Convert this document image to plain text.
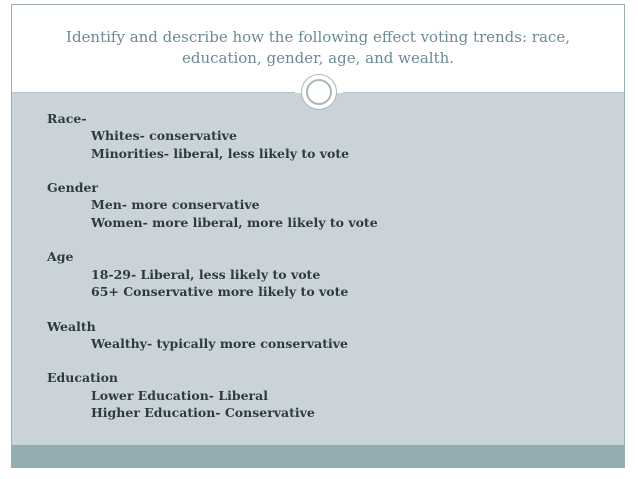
Identify and describe how the following effect voting trends: race,
education, gender, age, and wealth.
Race-
Whites- conservative
Minorities- liberal, less likely to vote
Gender
Men- more conservative
Women- more liberal, more likely to vote
Age
18-29- Liberal, less likely to vote
65+ Conservative more likely to vote
Wealth
Wealthy- typically more conservative
Education
Lower Education- Liberal
Higher Education- Conservative
